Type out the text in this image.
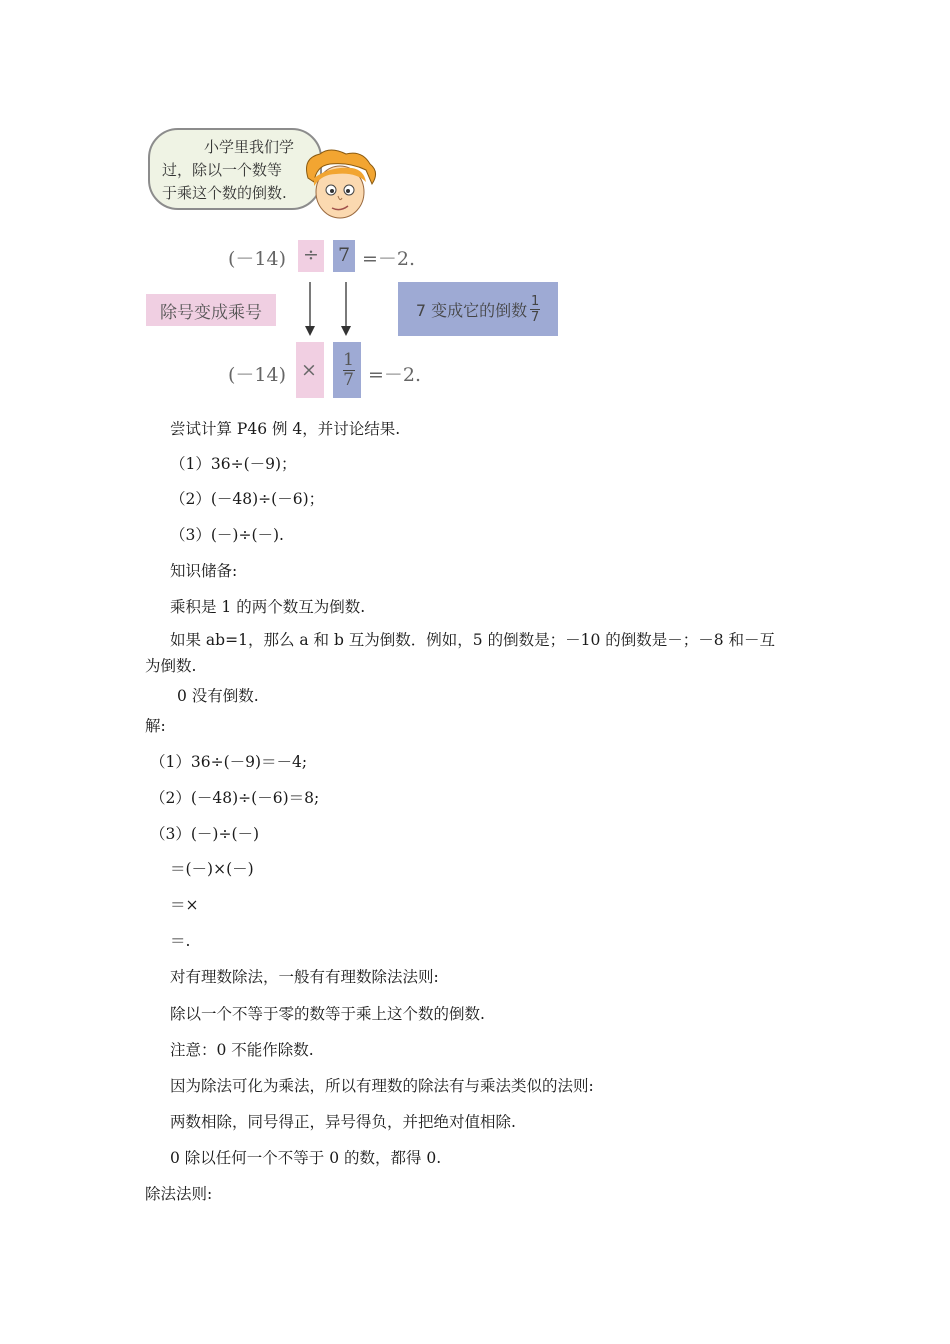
小学里我们学
过，除以一个数等
于乘这个数的倒数.
(－14) ÷ 7 =－2.
除号变成乘号	7 变成它的倒数 $\frac{1}{7}$
$(-14) \times \frac{1}{7} =-2$.
尝试计算 P46 例 4，并讨论结果.
（1）36÷(－9)；
（2）(－48)÷(－6)；
（3）(－)÷(－).
知识储备:
乘积是 1 的两个数互为倒数.
如果 ab=1，那么 a 和 b 互为倒数．例如，5 的倒数是；－10 的倒数是－；－8 和－互
为倒数.
0 没有倒数.
解:
（1）36÷(－9)＝－4;
（2）(－48)÷(－6)＝8;
（3）(－)÷(－)
＝(－)×(－)
＝×
＝.
对有理数除法，一般有有理数除法法则:
除以一个不等于零的数等于乘上这个数的倒数.
注意：0 不能作除数.
因为除法可化为乘法，所以有理数的除法有与乘法类似的法则:
两数相除，同号得正，异号得负，并把绝对值相除.
0 除以任何一个不等于 0 的数，都得 0.
除法法则:
